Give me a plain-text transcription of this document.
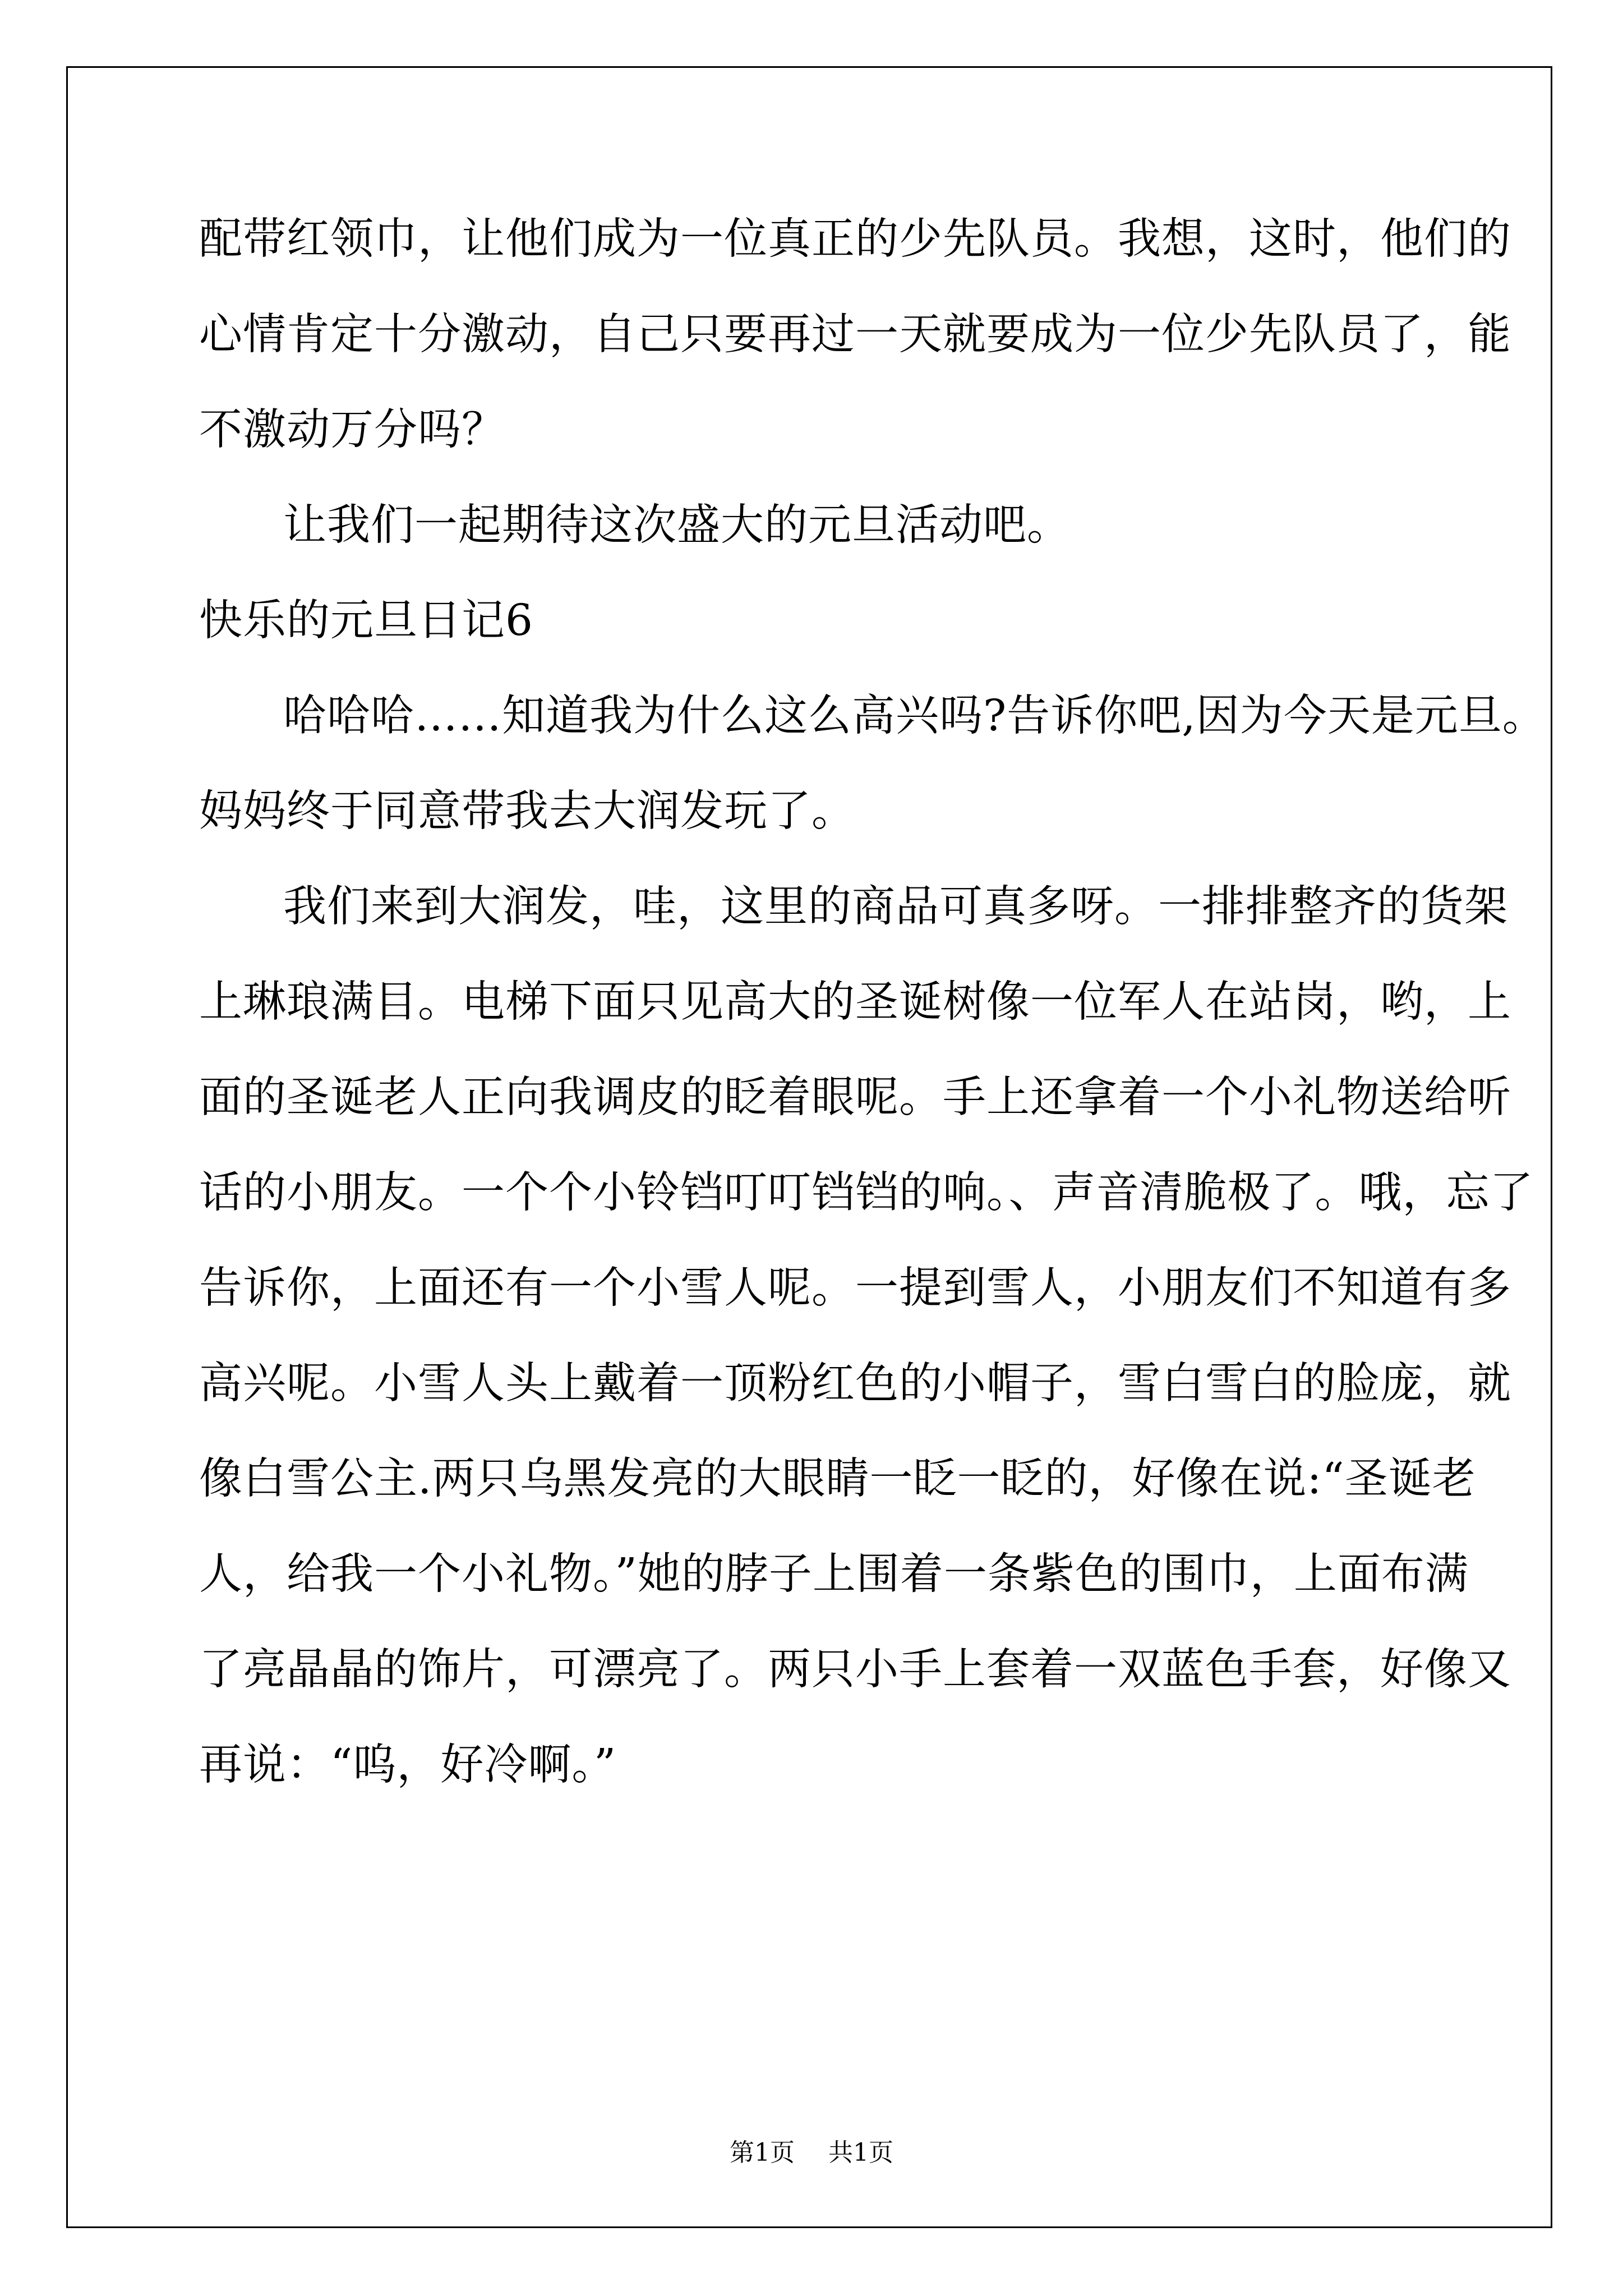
配带红领巾，让他们成为一位真正的少先队员。我想，这时，他们的
心情肯定十分激动，自己只要再过一天就要成为一位少先队员了，能
不激动万分吗？
让我们一起期待这次盛大的元旦活动吧。
快乐的元旦日记6
哈哈哈……知道我为什么这么高兴吗?告诉你吧,因为今天是元旦。
妈妈终于同意带我去大润发玩了。
我们来到大润发，哇，这里的商品可真多呀。一排排整齐的货架
上琳琅满目。电梯下面只见高大的圣诞树像一位军人在站岗，哟，上
面的圣诞老人正向我调皮的眨着眼呢。手上还拿着一个小礼物送给听
话的小朋友。一个个小铃铛叮叮铛铛的响。、声音清脆极了。哦，忘了
告诉你，上面还有一个小雪人呢。一提到雪人，小朋友们不知道有多
高兴呢。小雪人头上戴着一顶粉红色的小帽子，雪白雪白的脸庞，就
像白雪公主.两只乌黑发亮的大眼睛一眨一眨的，好像在说:“圣诞老
人，给我一个小礼物。”她的脖子上围着一条紫色的围巾，上面布满
了亮晶晶的饰片，可漂亮了。两只小手上套着一双蓝色手套，好像又
再说：“呜，好冷啊。”
第1页 共1页
